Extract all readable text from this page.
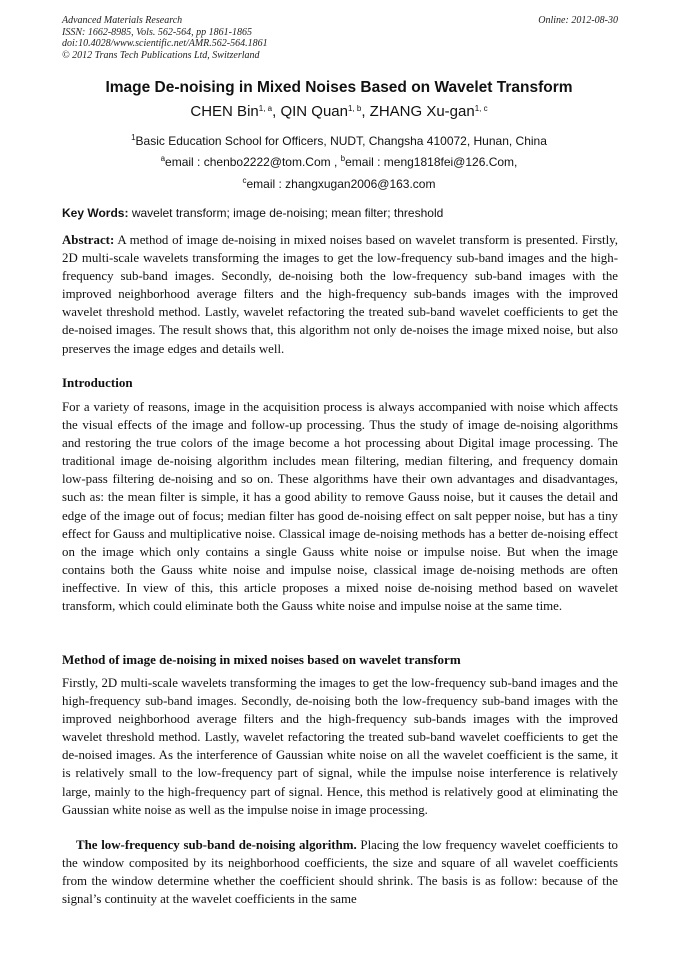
Advanced Materials Research
ISSN: 1662-8985, Vols. 562-564, pp 1861-1865
doi:10.4028/www.scientific.net/AMR.562-564.1861
© 2012 Trans Tech Publications Ltd, Switzerland
Online: 2012-08-30
Image De-noising in Mixed Noises Based on Wavelet Transform
CHEN Bin$^{1, a}$, QIN Quan$^{1, b}$, ZHANG Xu-gan$^{1, c}$
$^1$Basic Education School for Officers, NUDT, Changsha 410072, Hunan, China
$^a$email : chenbo2222@tom.Com , $^b$email : meng1818fei@126.Com,
$^c$email : zhangxugan2006@163.com
Key Words: wavelet transform; image de-noising; mean filter; threshold
Abstract: A method of image de-noising in mixed noises based on wavelet transform is presented. Firstly, 2D multi-scale wavelets transforming the images to get the low-frequency sub-band images and the high-frequency sub-band images. Secondly, de-noising both the low-frequency sub-band images with the improved neighborhood average filters and the high-frequency sub-bands images with the improved wavelet threshold method. Lastly, wavelet refactoring the treated sub-band wavelet coefficients to get the de-noised images. The result shows that, this algorithm not only de-noises the image mixed noise, but also preserves the image edges and details well.
Introduction
For a variety of reasons, image in the acquisition process is always accompanied with noise which affects the visual effects of the image and follow-up processing. Thus the study of image de-noising algorithms and restoring the true colors of the image become a hot processing about Digital image processing. The traditional image de-noising algorithm includes mean filtering, median filtering, and frequency domain low-pass filtering de-noising and so on. These algorithms have their own advantages and disadvantages, such as: the mean filter is simple, it has a good ability to remove Gauss noise, but it causes the detail and edge of the image out of focus; median filter has good de-noising effect on salt pepper noise, but has a tiny effect for Gauss and multiplicative noise. Classical image de-noising methods has a better de-noising effect on the image which only contains a single Gauss white noise or impulse noise. But when the image contains both the Gauss white noise and impulse noise, classical image de-noising methods are often ineffective. In view of this, this article proposes a mixed noise de-noising method based on wavelet transform, which could eliminate both the Gauss white noise and impulse noise at the same time.
Method of image de-noising in mixed noises based on wavelet transform
Firstly, 2D multi-scale wavelets transforming the images to get the low-frequency sub-band images and the high-frequency sub-band images. Secondly, de-noising both the low-frequency sub-band images with the improved neighborhood average filters and the high-frequency sub-bands images with the improved wavelet threshold method. Lastly, wavelet refactoring the treated sub-band wavelet coefficients to get the de-noised images. As the interference of Gaussian white noise on all the wavelet coefficient is the same, it is relatively small to the low-frequency part of signal, while the impulse noise interference is relatively large, mainly to the high-frequency part of signal. Hence, this method is relatively good at eliminating the Gaussian white noise as well as the impulse noise in image processing.
The low-frequency sub-band de-noising algorithm. Placing the low frequency wavelet coefficients to the window composited by its neighborhood coefficients, the size and square of all wavelet coefficients from the window determine whether the coefficient should shrink. The basis is as follow: because of the signal’s continuity at the wavelet coefficients in the same
